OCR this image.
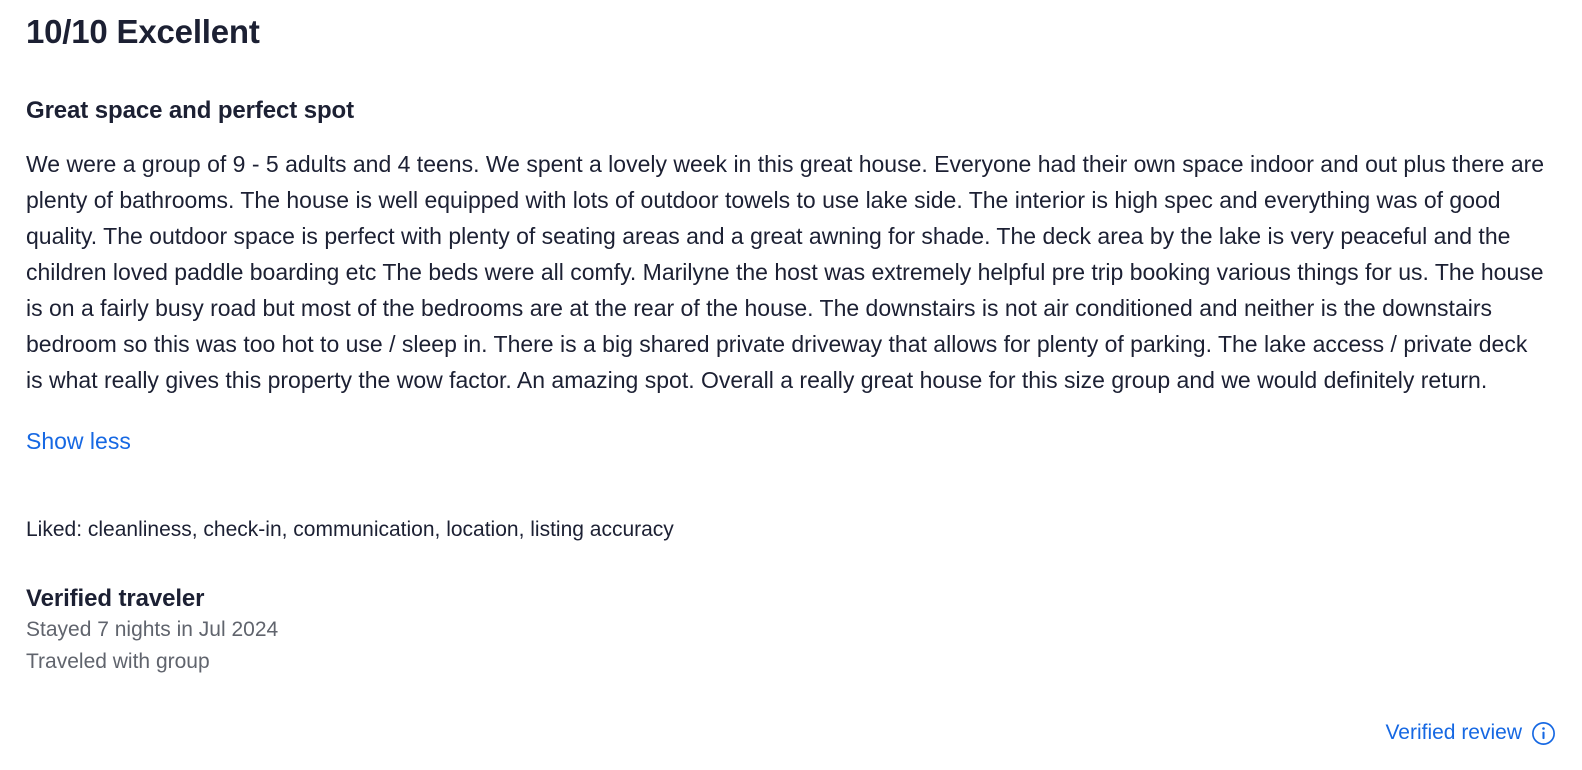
10/10 Excellent
Great space and perfect spot

We were a group of 9 - 5 adults and 4 teens. We spent a lovely week in this great house. Everyone had their own space indoor and out plus there are plenty of bathrooms. The house is well equipped with lots of outdoor towels to use lake side. The interior is high spec and everything was of good quality. The outdoor space is perfect with plenty of seating areas and a great awning for shade. The deck area by the lake is very peaceful and the children loved paddle boarding etc The beds were all comfy. Marilyne the host was extremely helpful pre trip booking various things for us. The house is on a fairly busy road but most of the bedrooms are at the rear of the house. The downstairs is not air conditioned and neither is the downstairs bedroom so this was too hot to use / sleep in. There is a big shared private driveway that allows for plenty of parking. The lake access / private deck is what really gives this property the wow factor. An amazing spot. Overall a really great house for this size group and we would definitely return.

Show less

Liked: cleanliness, check-in, communication, location, listing accuracy

Verified traveler
Stayed 7 nights in Jul 2024
Traveled with group
Verified review
